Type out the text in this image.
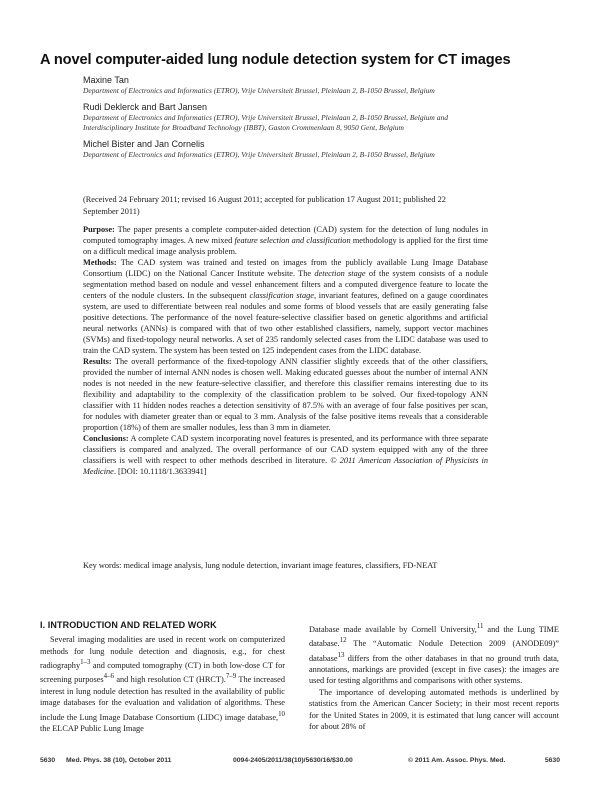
A novel computer-aided lung nodule detection system for CT images
Maxine Tan
Department of Electronics and Informatics (ETRO), Vrije Universiteit Brussel, Pleinlaan 2, B-1050 Brussel, Belgium
Rudi Deklerck and Bart Jansen
Department of Electronics and Informatics (ETRO), Vrije Universiteit Brussel, Pleinlaan 2, B-1050 Brussel, Belgium and Interdisciplinary Institute for Broadband Technology (IBBT), Gaston Crommenlaan 8, 9050 Gent, Belgium
Michel Bister and Jan Cornelis
Department of Electronics and Informatics (ETRO), Vrije Universiteit Brussel, Pleinlaan 2, B-1050 Brussel, Belgium
(Received 24 February 2011; revised 16 August 2011; accepted for publication 17 August 2011; published 22 September 2011)

Purpose: The paper presents a complete computer-aided detection (CAD) system for the detection of lung nodules in computed tomography images. A new mixed feature selection and classification methodology is applied for the first time on a difficult medical image analysis problem.

Methods: The CAD system was trained and tested on images from the publicly available Lung Image Database Consortium (LIDC) on the National Cancer Institute website. The detection stage of the system consists of a nodule segmentation method based on nodule and vessel enhancement filters and a computed divergence feature to locate the centers of the nodule clusters. In the subsequent classification stage, invariant features, defined on a gauge coordinates system, are used to differentiate between real nodules and some forms of blood vessels that are easily generating false positive detections. The performance of the novel feature-selective classifier based on genetic algorithms and artificial neural networks (ANNs) is compared with that of two other established classifiers, namely, support vector machines (SVMs) and fixed-topology neural networks. A set of 235 randomly selected cases from the LIDC database was used to train the CAD system. The system has been tested on 125 independent cases from the LIDC database.

Results: The overall performance of the fixed-topology ANN classifier slightly exceeds that of the other classifiers, provided the number of internal ANN nodes is chosen well. Making educated guesses about the number of internal ANN nodes is not needed in the new feature-selective classifier, and therefore this classifier remains interesting due to its flexibility and adaptability to the complexity of the classification problem to be solved. Our fixed-topology ANN classifier with 11 hidden nodes reaches a detection sensitivity of 87.5% with an average of four false positives per scan, for nodules with diameter greater than or equal to 3 mm. Analysis of the false positive items reveals that a considerable proportion (18%) of them are smaller nodules, less than 3 mm in diameter.

Conclusions: A complete CAD system incorporating novel features is presented, and its performance with three separate classifiers is compared and analyzed. The overall performance of our CAD system equipped with any of the three classifiers is well with respect to other methods described in literature. © 2011 American Association of Physicists in Medicine. [DOI: 10.1118/1.3633941]

Key words: medical image analysis, lung nodule detection, invariant image features, classifiers, FD-NEAT
I. INTRODUCTION AND RELATED WORK

Several imaging modalities are used in recent work on computerized methods for lung nodule detection and diagnosis, e.g., for chest radiography$^{1-3}$ and computed tomography (CT) in both low-dose CT for screening purposes$^{4-6}$ and high resolution CT (HRCT).$^{7-9}$ The increased interest in lung nodule detection has resulted in the availability of public image databases for the evaluation and validation of algorithms. These include the Lung Image Database Consortium (LIDC) image database,$^{10}$ the ELCAP Public Lung Image

Database made available by Cornell University,$^{11}$ and the Lung TIME database.$^{12}$ The “Automatic Nodule Detection 2009 (ANODE09)” database$^{13}$ differs from the other databases in that no ground truth data, annotations, markings are provided (except in five cases): the images are used for testing algorithms and comparisons with other systems.

The importance of developing automated methods is underlined by statistics from the American Cancer Society; in their most recent reports for the United States in 2009, it is estimated that lung cancer will account for about 28% of

5630 Med. Phys. 38 (10), October 2011	0094-2405/2011/38(10)/5630/16/$30.00	© 2011 Am. Assoc. Phys. Med.	5630
